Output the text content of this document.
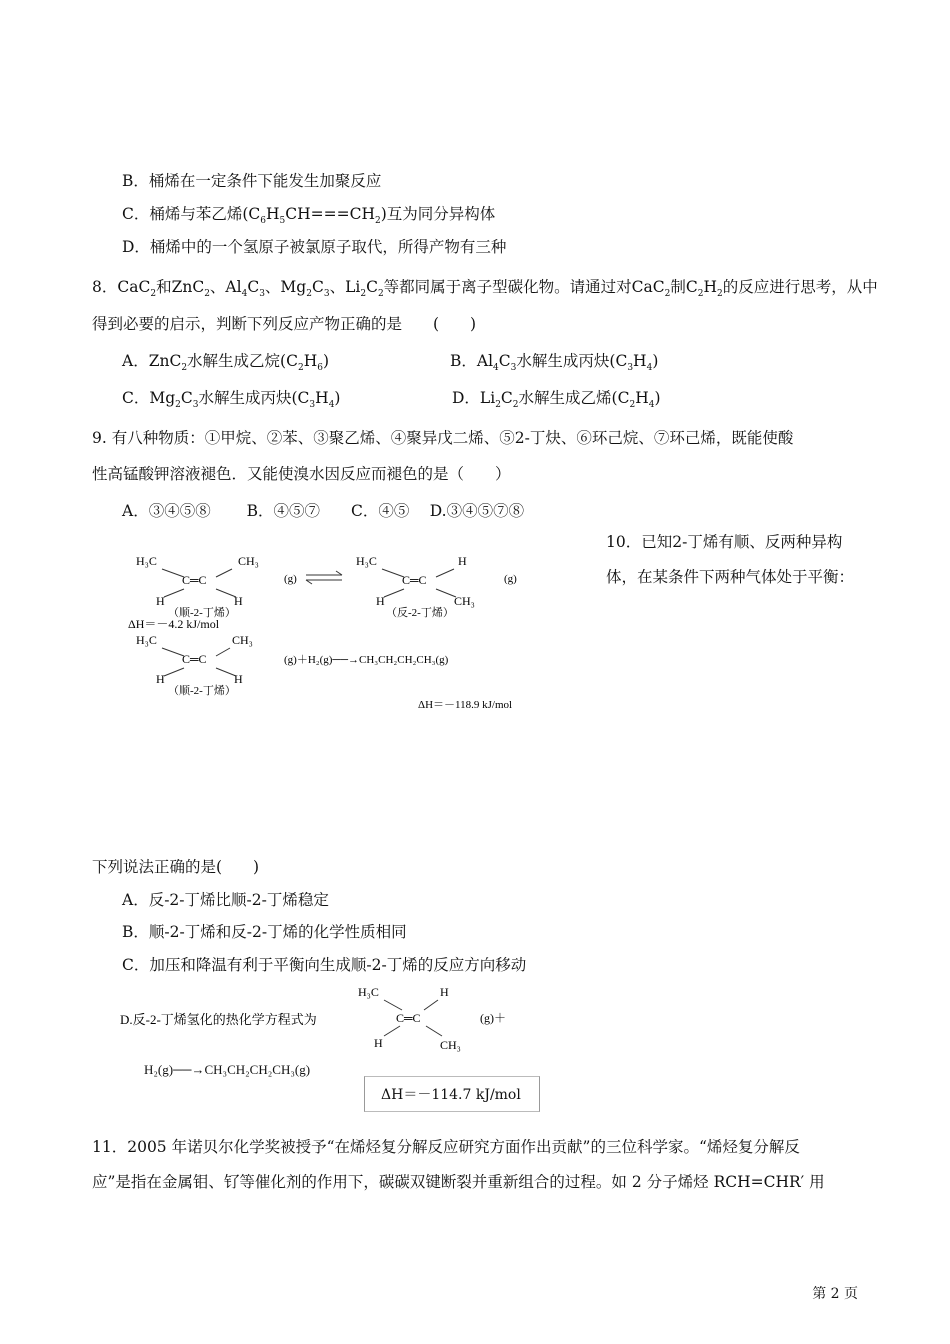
B．桶烯在一定条件下能发生加聚反应
C．桶烯与苯乙烯$(C_6H_5CH===CH_2)$互为同分异构体
D．桶烯中的一个氢原子被氯原子取代，所得产物有三种
8．CaC$_2$和ZnC$_2$、$Al_4C_3$、$Mg_2C_3$、$Li_2C_2$等都同属于离子型碳化物。请通过对CaC$_2$制$C_2H_2$的反应进行思考，从中
得到必要的启示，判断下列反应产物正确的是　　(　　)
A．ZnC$_2$水解生成乙烷$(C_2H_6)$	B．$Al_4C_3$水解生成丙炔$(C_3H_4)$
C．$Mg_2C_3$水解生成丙炔$(C_3H_4)$	D．$Li_2C_2$水解生成乙烯$(C_2H_4)$
9. 有八种物质：①甲烷、②苯、③聚乙烯、④聚异戊二烯、⑤2-丁炔、⑥环己烷、⑦环己烯，既能使酸
性高锰酸钾溶液褪色．又能使溴水因反应而褪色的是（　　）
A．③④⑤⑧　　 B．④⑤⑦　　C．④⑤　 D.③④⑤⑦⑧
10．已知2-丁烯有顺、反两种异构
体，在某条件下两种气体处于平衡：
H₃C	CH₃
C═C
H	H
（顺-2-丁烯）
(g)
H₃C	H
C═C
H	CH₃
（反-2-丁烯）
(g)
ΔH＝－4.2 kJ/mol
H₃C	CH₃
C═C
H	H
（顺-2-丁烯）
(g)＋H₂(g)──→CH₃CH₂CH₂CH₃(g)
ΔH＝－118.9 kJ/mol
下列说法正确的是(　　)
A．反-2-丁烯比顺-2-丁烯稳定
B．顺-2-丁烯和反-2-丁烯的化学性质相同
C．加压和降温有利于平衡向生成顺-2-丁烯的反应方向移动
D.反-2-丁烯氢化的热化学方程式为
H₃C	H
C═C
H	CH₃
(g)＋
H₂(g)──→CH₃CH₂CH₂CH₃(g)
ΔH＝－114.7 kJ/mol
11．2005 年诺贝尔化学奖被授予“在烯烃复分解反应研究方面作出贡献”的三位科学家。“烯烃复分解反
应”是指在金属钼、钌等催化剂的作用下，碳碳双键断裂并重新组合的过程。如 2 分子烯烃 RCH=CHR′ 用
第 2 页
